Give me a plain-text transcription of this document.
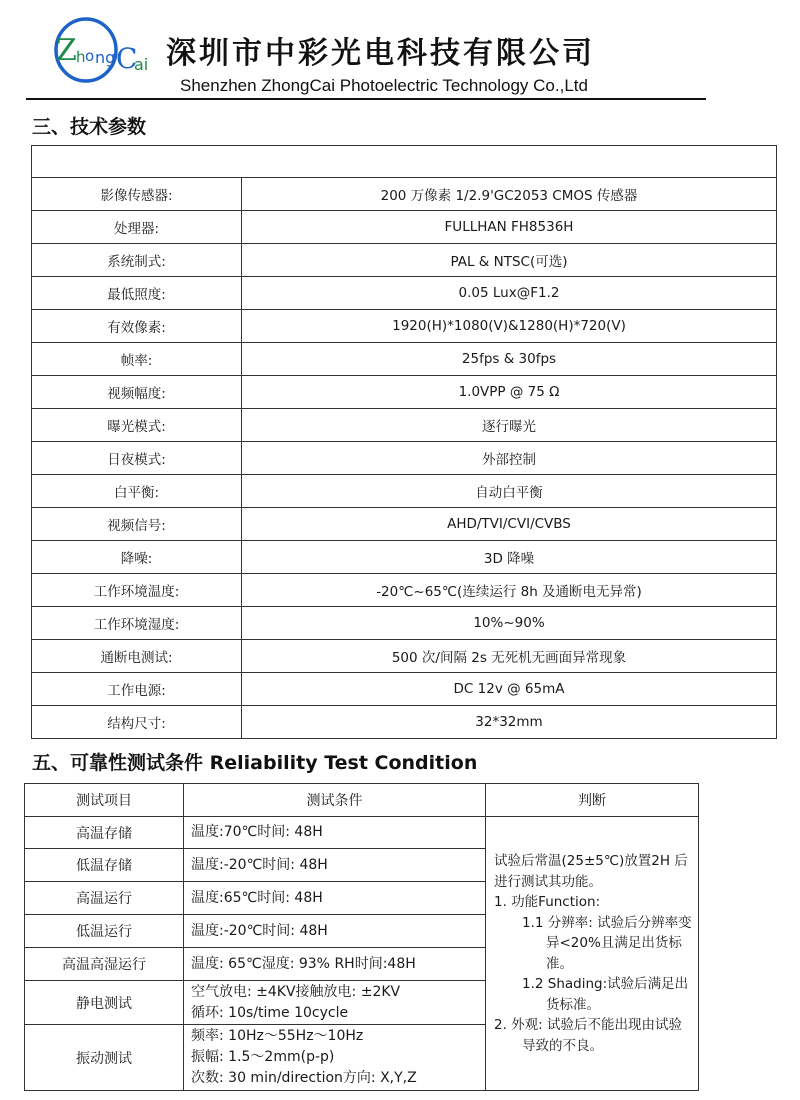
Z h o ng C
ai 深圳市中彩光电科技有限公司
Shenzhen ZhongCai Photoelectric Technology Co.,Ltd
三、技术参数

影像传感器:	200 万像素 1/2.9'GC2053 CMOS 传感器
处理器:	FULLHAN FH8536H
系统制式:	PAL & NTSC(可选)
最低照度:	0.05 Lux@F1.2
有效像素:	1920(H)*1080(V)&1280(H)*720(V)
帧率:	25fps & 30fps
视频幅度:	1.0VPP @ 75 Ω
曝光模式:	逐行曝光
日夜模式:	外部控制
白平衡:	自动白平衡
视频信号:	AHD/TVI/CVI/CVBS
降噪:	3D 降噪
工作环境温度:	-20℃~65℃(连续运行 8h 及通断电无异常)
工作环境湿度:	10%~90%
通断电测试:	500 次/间隔 2s 无死机无画面异常现象
工作电源:	DC 12v @ 65mA
结构尺寸:	32*32mm
五、可靠性测试条件 Reliability Test Condition
测试项目	测试条件	判断
高温存储	温度:70℃时间: 48H	试验后常温(25±5℃)放置2H 后进行测试其功能。
1. 功能Function:
1.1 分辨率: 试验后分辨率变异<20%且满足出货标准。
1.2 Shading:试验后满足出货标准。
2. 外观: 试验后不能出现由试验导致的不良。

低温存储	温度:-20℃时间: 48H	
高温运行	温度:65℃时间: 48H	
低温运行	温度:-20℃时间: 48H	
高温高湿运行	温度: 65℃湿度: 93% RH时间:48H	
静电测试	空气放电: ±4KV接触放电: ±2KV
循环: 10s/time 10cycle	

振动测试	频率: 10Hz～55Hz～10Hz
振幅: 1.5～2mm(p-p)
次数: 30 min/direction方向: X,Y,Z	
